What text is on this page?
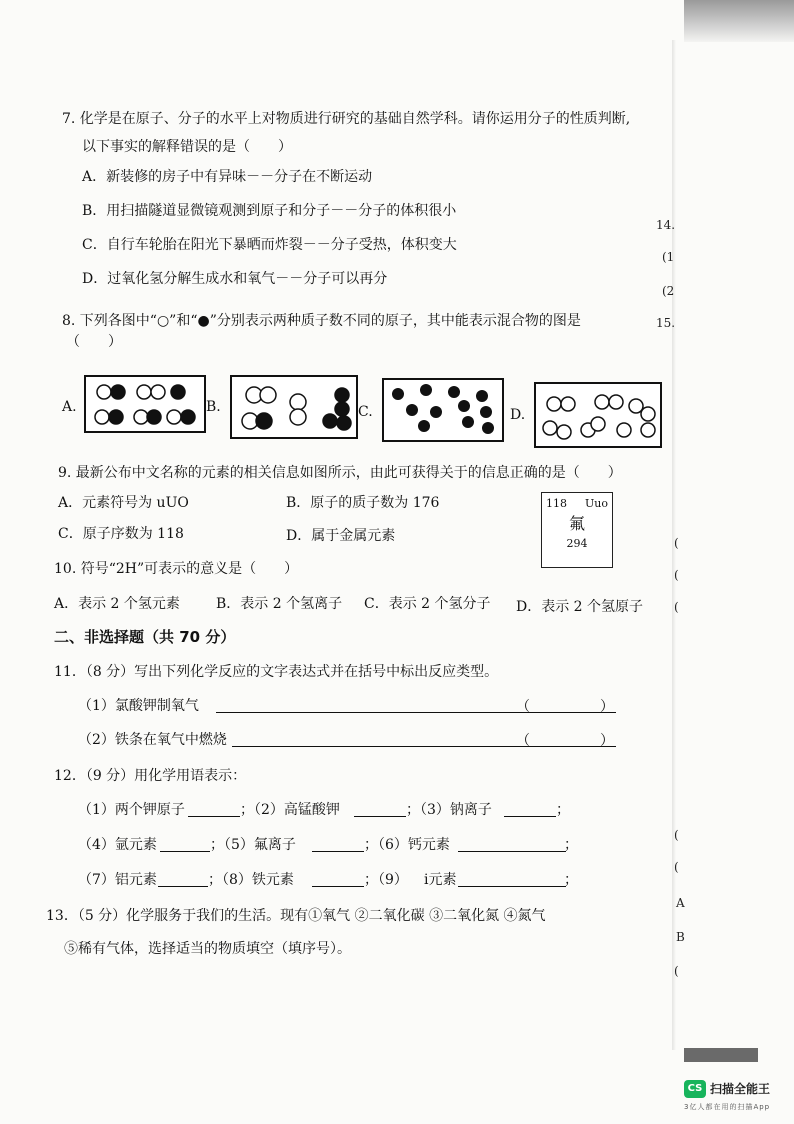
7. 化学是在原子、分子的水平上对物质进行研究的基础自然学科。请你运用分子的性质判断,
以下事实的解释错误的是（　　）
A．新装修的房子中有异味－－分子在不断运动
B．用扫描隧道显微镜观测到原子和分子－－分子的体积很小
C．自行车轮胎在阳光下暴晒而炸裂－－分子受热，体积变大
D．过氧化氢分解生成水和氧气－－分子可以再分
8. 下列各图中“○”和“●”分别表示两种质子数不同的原子，其中能表示混合物的图是
（　　）
A.	B.	C.	D.
9. 最新公布中文名称的元素的相关信息如图所示，由此可获得关于的信息正确的是（　　）
A．元素符号为 uUO	B．原子的质子数为 176
C．原子序数为 118	D．属于金属元素
118 Uuo
氟
294
10. 符号“2H”可表示的意义是（　　）
A．表示 2 个氢元素	B．表示 2 个氢离子 C．表示 2 个氢分子 D．表示 2 个氢原子
二、非选择题（共 70 分）
11．（8 分）写出下列化学反应的文字表达式并在括号中标出反应类型。
（1）氯酸钾制氧气	（	）
（2）铁条在氧气中燃烧	（	）
12．（9 分）用化学用语表示：
（1）两个钾原子	；（2）高锰酸钾	；（3）钠离子	；
（4）氩元素	；（5）氟离子	；（6）钙元素	；
（7）铝元素	；（8）铁元素	；（9） i元素	；
13．（5 分）化学服务于我们的生活。现有①氧气 ②二氧化碳 ③二氧化氮 ④氮气
⑤稀有气体，选择适当的物质填空（填序号）。
14.
(1
(2
15.
(
(
(
(
(
A
B
(
CS 扫描全能王
3亿人都在用的扫描App
